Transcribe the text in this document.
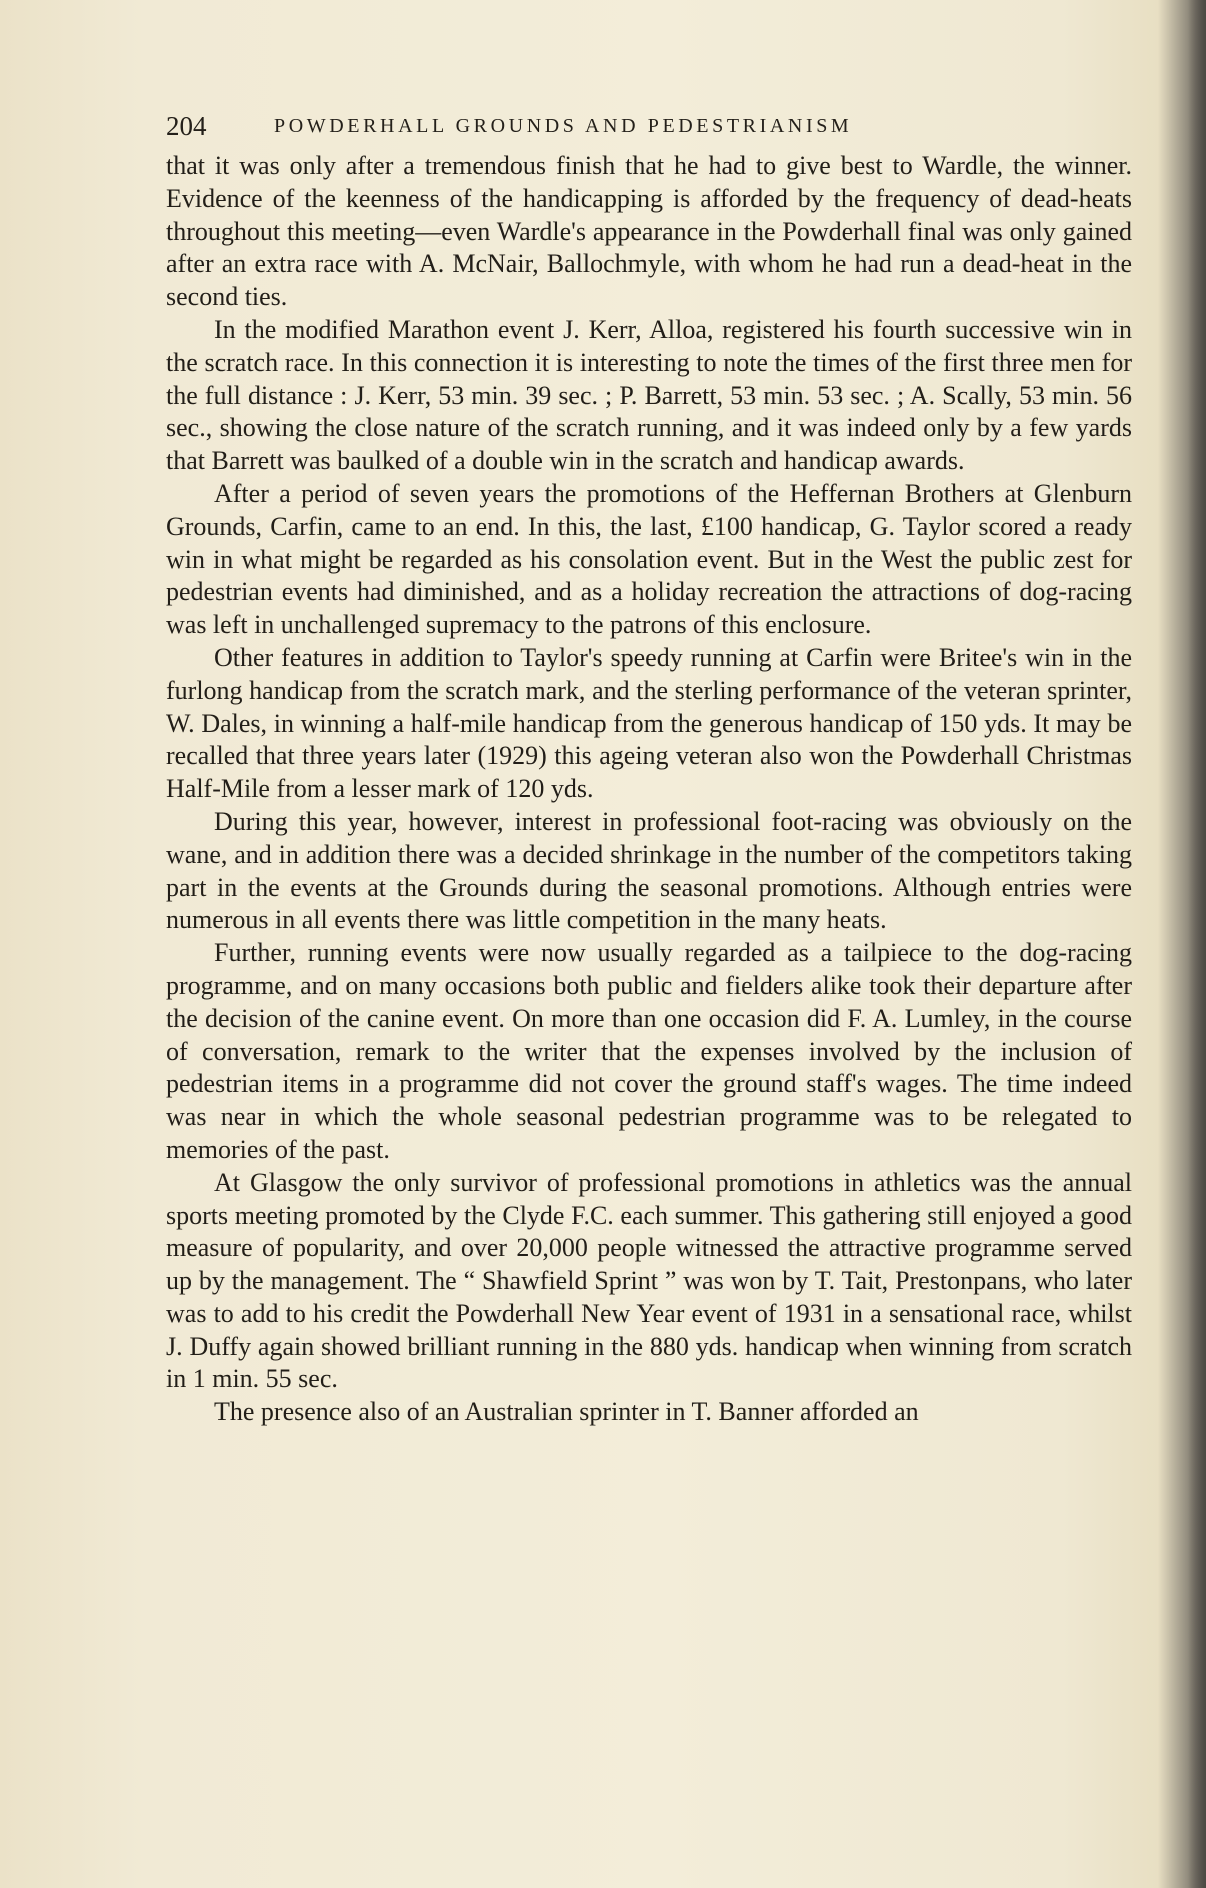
204	POWDERHALL GROUNDS AND PEDESTRIANISM

that it was only after a tremendous finish that he had to give best to Wardle, the winner. Evidence of the keenness of the handicapping is afforded by the frequency of dead-heats throughout this meeting—even Wardle's appearance in the Powderhall final was only gained after an extra race with A. McNair, Ballochmyle, with whom he had run a dead-heat in the second ties.

In the modified Marathon event J. Kerr, Alloa, registered his fourth successive win in the scratch race. In this connection it is interesting to note the times of the first three men for the full distance : J. Kerr, 53 min. 39 sec. ; P. Barrett, 53 min. 53 sec. ; A. Scally, 53 min. 56 sec., showing the close nature of the scratch running, and it was indeed only by a few yards that Barrett was baulked of a double win in the scratch and handicap awards.

After a period of seven years the promotions of the Heffernan Brothers at Glenburn Grounds, Carfin, came to an end. In this, the last, £100 handicap, G. Taylor scored a ready win in what might be regarded as his consolation event. But in the West the public zest for pedestrian events had diminished, and as a holiday recreation the attractions of dog-racing was left in unchallenged supremacy to the patrons of this enclosure.

Other features in addition to Taylor's speedy running at Carfin were Britee's win in the furlong handicap from the scratch mark, and the sterling performance of the veteran sprinter, W. Dales, in winning a half-mile handicap from the generous handicap of 150 yds. It may be recalled that three years later (1929) this ageing veteran also won the Powderhall Christmas Half-Mile from a lesser mark of 120 yds.

During this year, however, interest in professional foot-racing was obviously on the wane, and in addition there was a decided shrinkage in the number of the competitors taking part in the events at the Grounds during the seasonal promotions. Although entries were numerous in all events there was little competition in the many heats.

Further, running events were now usually regarded as a tailpiece to the dog-racing programme, and on many occasions both public and fielders alike took their departure after the decision of the canine event. On more than one occasion did F. A. Lumley, in the course of conversation, remark to the writer that the expenses involved by the inclusion of pedestrian items in a programme did not cover the ground staff's wages. The time indeed was near in which the whole seasonal pedestrian programme was to be relegated to memories of the past.

At Glasgow the only survivor of professional promotions in athletics was the annual sports meeting promoted by the Clyde F.C. each summer. This gathering still enjoyed a good measure of popularity, and over 20,000 people witnessed the attractive programme served up by the management. The “ Shawfield Sprint ” was won by T. Tait, Prestonpans, who later was to add to his credit the Powderhall New Year event of 1931 in a sensational race, whilst J. Duffy again showed brilliant running in the 880 yds. handicap when winning from scratch in 1 min. 55 sec.

The presence also of an Australian sprinter in T. Banner afforded an
